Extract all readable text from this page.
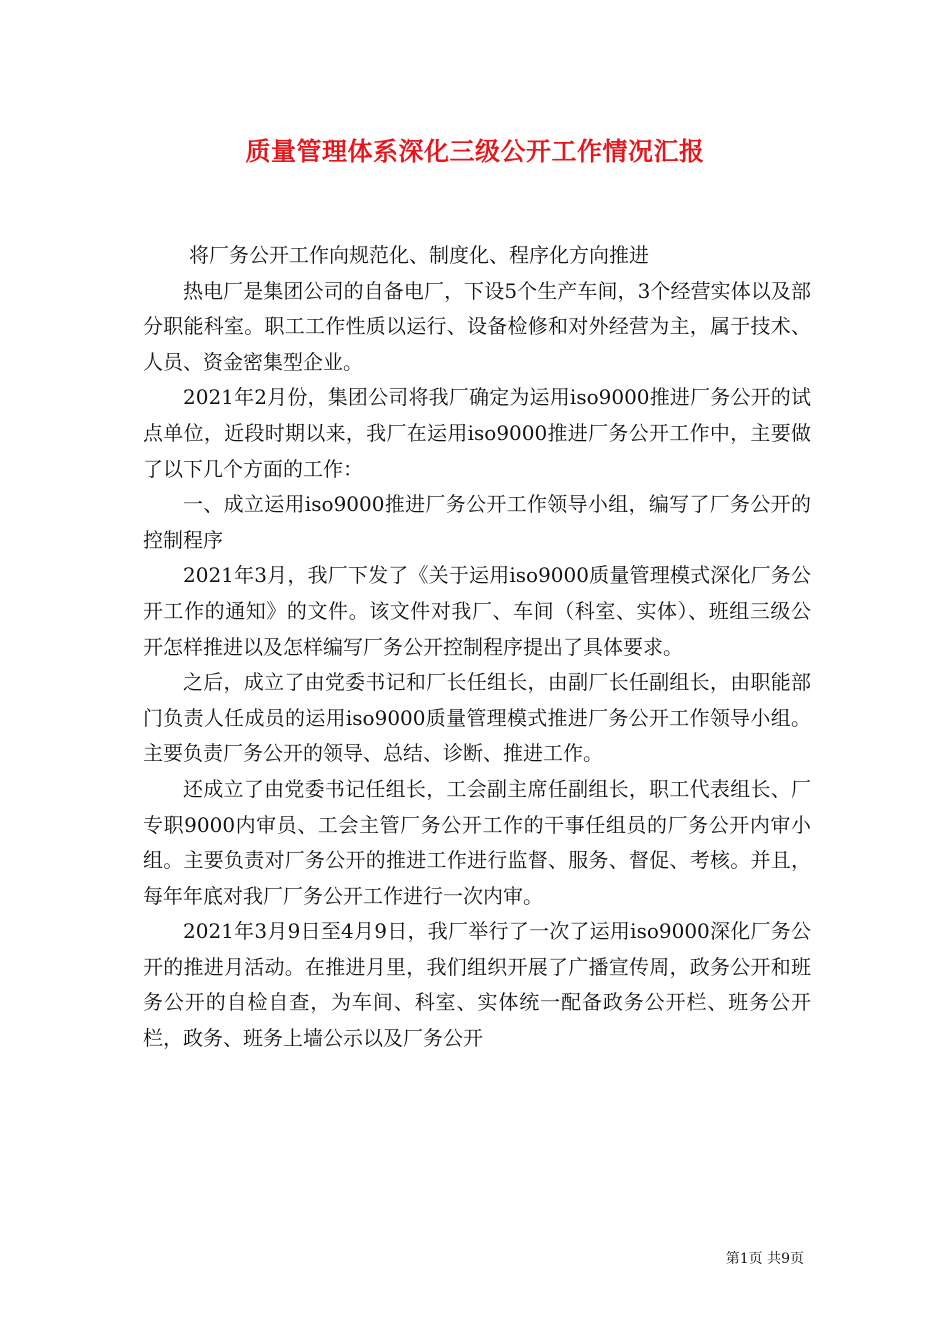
质量管理体系深化三级公开工作情况汇报

将厂务公开工作向规范化、制度化、程序化方向推进

热电厂是集团公司的自备电厂，下设5个生产车间，3个经营实体以及部分职能科室。职工工作性质以运行、设备检修和对外经营为主，属于技术、人员、资金密集型企业。

2021年2月份，集团公司将我厂确定为运用iso9000推进厂务公开的试点单位，近段时期以来，我厂在运用iso9000推进厂务公开工作中，主要做了以下几个方面的工作：

一、成立运用iso9000推进厂务公开工作领导小组，编写了厂务公开的控制程序

2021年3月，我厂下发了《关于运用iso9000质量管理模式深化厂务公开工作的通知》的文件。该文件对我厂、车间（科室、实体）、班组三级公开怎样推进以及怎样编写厂务公开控制程序提出了具体要求。

之后，成立了由党委书记和厂长任组长，由副厂长任副组长，由职能部门负责人任成员的运用iso9000质量管理模式推进厂务公开工作领导小组。主要负责厂务公开的领导、总结、诊断、推进工作。

还成立了由党委书记任组长，工会副主席任副组长，职工代表组长、厂专职9000内审员、工会主管厂务公开工作的干事任组员的厂务公开内审小组。主要负责对厂务公开的推进工作进行监督、服务、督促、考核。并且，每年年底对我厂厂务公开工作进行一次内审。

2021年3月9日至4月9日，我厂举行了一次了运用iso9000深化厂务公开的推进月活动。在推进月里，我们组织开展了广播宣传周，政务公开和班务公开的自检自查，为车间、科室、实体统一配备政务公开栏、班务公开栏，政务、班务上墙公示以及厂务公开

第1页 共9页
